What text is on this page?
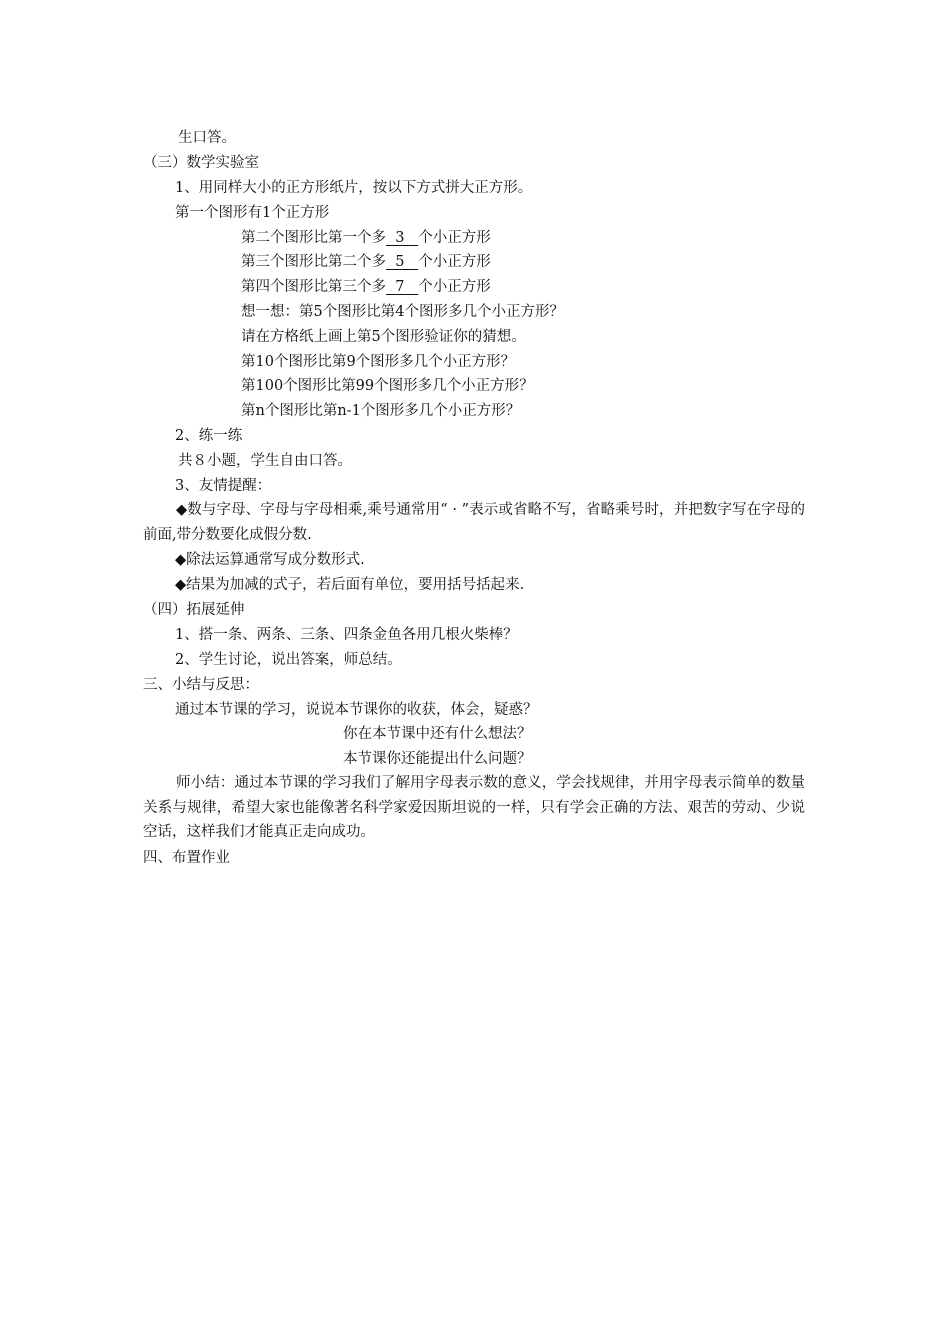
生口答。
（三）数学实验室
1、用同样大小的正方形纸片，按以下方式拼大正方形。
第一个图形有1个正方形
第二个图形比第一个多  3   个小正方形
第三个图形比第二个多  5   个小正方形
第四个图形比第三个多  7   个小正方形
想一想：第5个图形比第4个图形多几个小正方形？
请在方格纸上画上第5个图形验证你的猜想。
第10个图形比第9个图形多几个小正方形？
第100个图形比第99个图形多几个小正方形？
第n个图形比第n-1个图形多几个小正方形？
2、练一练
共８小题，学生自由口答。
3、友情提醒：
◆数与字母、字母与字母相乘,乘号通常用“ · ”表示或省略不写，省略乘号时，并把数字写在字母的前面,带分数要化成假分数.
◆除法运算通常写成分数形式.
◆结果为加减的式子，若后面有单位，要用括号括起来.
（四）拓展延伸
1、搭一条、两条、三条、四条金鱼各用几根火柴棒？
2、学生讨论，说出答案，师总结。
三、小结与反思：
通过本节课的学习，说说本节课你的收获，体会，疑惑？
你在本节课中还有什么想法？
本节课你还能提出什么问题？
师小结：通过本节课的学习我们了解用字母表示数的意义，学会找规律，并用字母表示简单的数量关系与规律，希望大家也能像著名科学家爱因斯坦说的一样，只有学会正确的方法、艰苦的劳动、少说空话，这样我们才能真正走向成功。
四、布置作业
